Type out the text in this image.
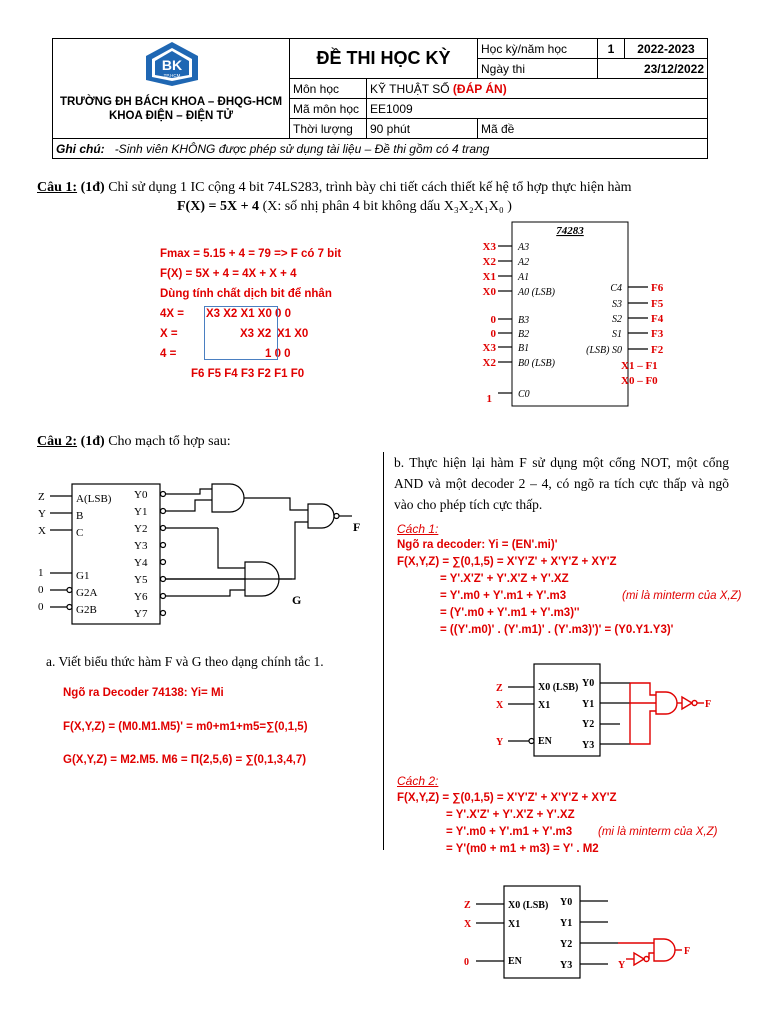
BK
TP.HCM
TRƯỜNG ĐH BÁCH KHOA – ĐHQG-HCM
KHOA ĐIỆN – ĐIỆN TỬ	ĐỀ THI HỌC KỲ		Học kỳ/năm học	1	2022-2023
			Ngày thi	23/12/2022	
	Môn học	KỸ THUẬT SỐ (ĐÁP ÁN)			
	Mã môn học	EE1009			
	Thời lượng	90 phút	Mã đề		
Ghi chú: -Sinh viên KHÔNG được phép sử dụng tài liệu – Đề thi gồm có 4 trang					
Câu 1: (1đ) Chỉ sử dụng 1 IC cộng 4 bit 74LS283, trình bày chi tiết cách thiết kế hệ tổ hợp thực hiện hàm
F(X) = 5X + 4 (X: số nhị phân 4 bit không dấu X₃X₂X₁X₀ )
Fmax = 5.15 + 4 = 79 => F có 7 bit
F(X) = 5X + 4 = 4X + X + 4
Dùng tính chất dịch bit để nhân
4X = X3 X2 X1 X0 0 0
X =	X3 X2 X1 X0
4 =	1 0 0
F6 F5 F4 F3 F2 F1 F0
74283
A3
A2
A1
A0 (LSB)
B3
B2
B1
B0 (LSB)
C0
C4
S3
S2
S1
(LSB) S0
X3
X2
X1
X0
0
0
X3
X2
1
F6
F5
F4
F3
F2
X1 – F1
X0 – F0
Câu 2: (1đ) Cho mạch tổ hợp sau:
A(LSB)
B
C
G1
G2A
G2B
Y0
Y1
Y2
Y3
Y4
Y5
Y6
Y7
Z
Y
X
1
0
0
F
G
a. Viết biểu thức hàm F và G theo dạng chính tắc 1.
Ngõ ra Decoder 74138: Yi= Mi
F(X,Y,Z) = (M0.M1.M5)' = m0+m1+m5=∑(0,1,5)
G(X,Y,Z) = M2.M5. M6 = Π(2,5,6) = ∑(0,1,3,4,7)
b. Thực hiện lại hàm F sử dụng một cổng NOT, một cổng AND và một decoder 2 – 4, có ngõ ra tích cực thấp và ngõ vào cho phép tích cực thấp.
Cách 1:
Ngõ ra decoder: Yi = (EN'.mi)'
F(X,Y,Z) = ∑(0,1,5) = X'Y'Z' + X'Y'Z + XY'Z
= Y'.X'Z' + Y'.X'Z + Y'.XZ
= Y'.m0 + Y'.m1 + Y'.m3	(mi là minterm của X,Z)
= (Y'.m0 + Y'.m1 + Y'.m3)''
= ((Y'.m0)' . (Y'.m1)' . (Y'.m3)')' = (Y0.Y1.Y3)'
X0 (LSB)
X1
EN
Y0
Y1
Y2
Y3
Z
X
Y
F
Cách 2:
F(X,Y,Z) = ∑(0,1,5) = X'Y'Z' + X'Y'Z + XY'Z
= Y'.X'Z' + Y'.X'Z + Y'.XZ
= Y'.m0 + Y'.m1 + Y'.m3 (mi là minterm của X,Z)
= Y'(m0 + m1 + m3) = Y' . M2
X0 (LSB)
X1
EN
Y0
Y1
Y2
Y3
Z
X
0	Y
F
